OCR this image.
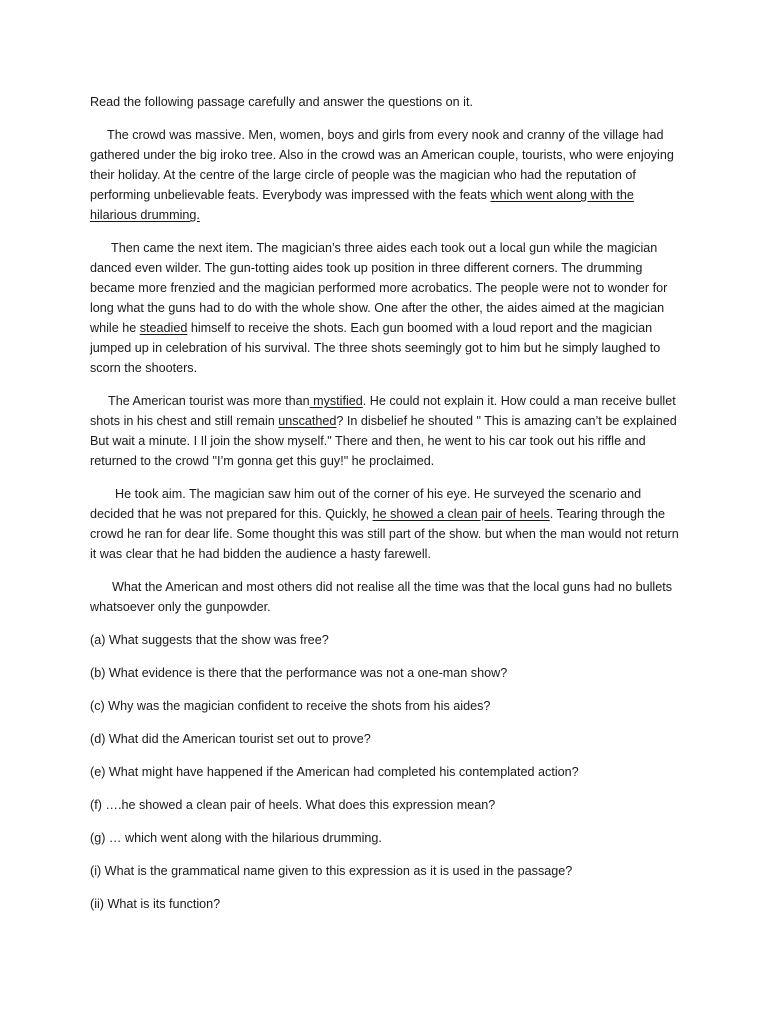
Read the following passage carefully and answer the questions on it.

The crowd was massive. Men, women, boys and girls from every nook and cranny of the village had gathered under the big iroko tree. Also in the crowd was an American couple, tourists, who were enjoying their holiday. At the centre of the large circle of people was the magician who had the reputation of performing unbelievable feats. Everybody was impressed with the feats which went along with the hilarious drumming.

Then came the next item. The magician’s three aides each took out a local gun while the magician danced even wilder. The gun-totting aides took up position in three different corners. The drumming became more frenzied and the magician performed more acrobatics. The people were not to wonder for long what the guns had to do with the whole show. One after the other, the aides aimed at the magician while he steadied himself to receive the shots. Each gun boomed with a loud report and the magician jumped up in celebration of his survival. The three shots seemingly got to him but he simply laughed to scorn the shooters.

The American tourist was more than mystified. He could not explain it. How could a man receive bullet shots in his chest and still remain unscathed? In disbelief he shouted " This is amazing can’t be explained But wait a minute. I Il join the show myself." There and then, he went to his car took out his riffle and returned to the crowd "I’m gonna get this guy!" he proclaimed.

He took aim. The magician saw him out of the corner of his eye. He surveyed the scenario and decided that he was not prepared for this. Quickly, he showed a clean pair of heels. Tearing through the crowd he ran for dear life. Some thought this was still part of the show. but when the man would not return it was clear that he had bidden the audience a hasty farewell.

What the American and most others did not realise all the time was that the local guns had no bullets whatsoever only the gunpowder.

(a) What suggests that the show was free?

(b) What evidence is there that the performance was not a one-man show?

(c) Why was the magician confident to receive the shots from his aides?

(d) What did the American tourist set out to prove?

(e) What might have happened if the American had completed his contemplated action?

(f) ….he showed a clean pair of heels. What does this expression mean?

(g) … which went along with the hilarious drumming.

(i) What is the grammatical name given to this expression as it is used in the passage?

(ii) What is its function?
